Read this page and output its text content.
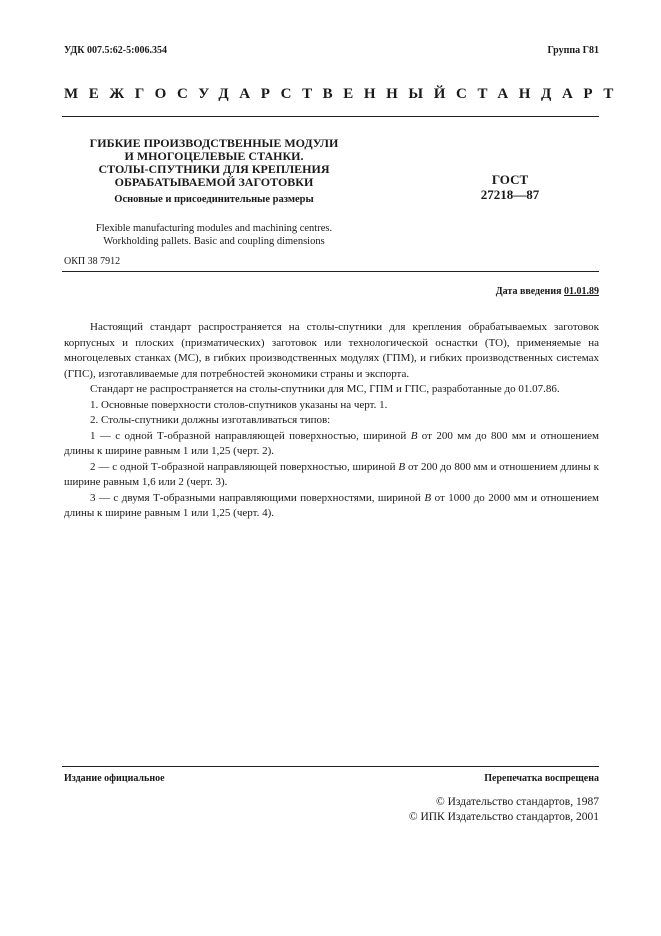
УДК 007.5:62-5:006.354	Группа Г81
МЕЖГОСУДАРСТВЕННЫЙ СТАНДАРТ
ГИБКИЕ ПРОИЗВОДСТВЕННЫЕ МОДУЛИ
И МНОГОЦЕЛЕВЫЕ СТАНКИ.
СТОЛЫ-СПУТНИКИ ДЛЯ КРЕПЛЕНИЯ
ОБРАБАТЫВАЕМОЙ ЗАГОТОВКИ	ГОСТ
27218—87
Основные и присоединительные размеры
Flexible manufacturing modules and machining centres.
Workholding pallets. Basic and coupling dimensions
ОКП 38 7912
Дата введения 01.01.89

Настоящий стандарт распространяется на столы-спутники для крепления обрабатываемых заготовок корпусных и плоских (призматических) заготовок или технологической оснастки (ТО), применяемые на многоцелевых станках (МС), в гибких производственных модулях (ГПМ), и гибких производственных системах (ГПС), изготавливаемые для потребностей экономики страны и экспорта.

Стандарт не распространяется на столы-спутники для МС, ГПМ и ГПС, разработанные до 01.07.86.

1. Основные поверхности столов-спутников указаны на черт. 1.

2. Столы-спутники должны изготавливаться типов:

1 — с одной Т-образной направляющей поверхностью, шириной B от 200 мм до 800 мм и отношением длины к ширине равным 1 или 1,25 (черт. 2).

2 — с одной Т-образной направляющей поверхностью, шириной B от 200 до 800 мм и отношением длины к ширине равным 1,6 или 2 (черт. 3).

3 — с двумя Т-образными направляющими поверхностями, шириной B от 1000 до 2000 мм и отношением длины к ширине равным 1 или 1,25 (черт. 4).

Издание официальное	Перепечатка воспрещена
© Издательство стандартов, 1987
© ИПК Издательство стандартов, 2001
